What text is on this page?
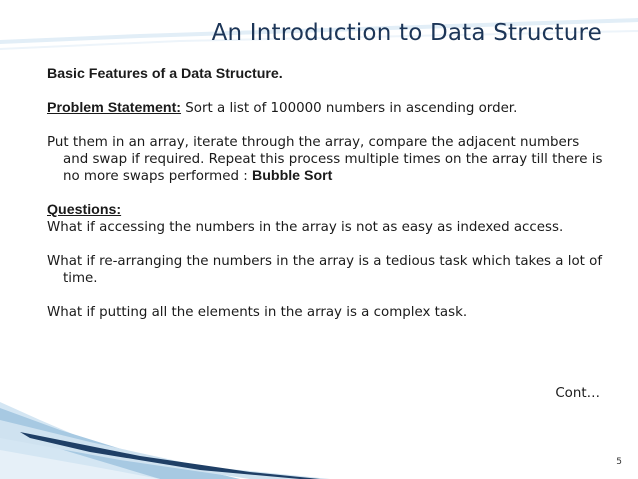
An Introduction to Data Structure

Basic Features of a Data Structure.

Problem Statement: Sort a list of 100000 numbers in ascending order.

Put them in an array, iterate through the array, compare the adjacent numbers and swap if required. Repeat this process multiple times on the array till there is no more swaps performed : Bubble Sort

Questions:

What if accessing the numbers in the array is not as easy as indexed access.

What if re-arranging the numbers in the array is a tedious task which takes a lot of time.

What if putting all the elements in the array is a complex task.

Cont…
5
